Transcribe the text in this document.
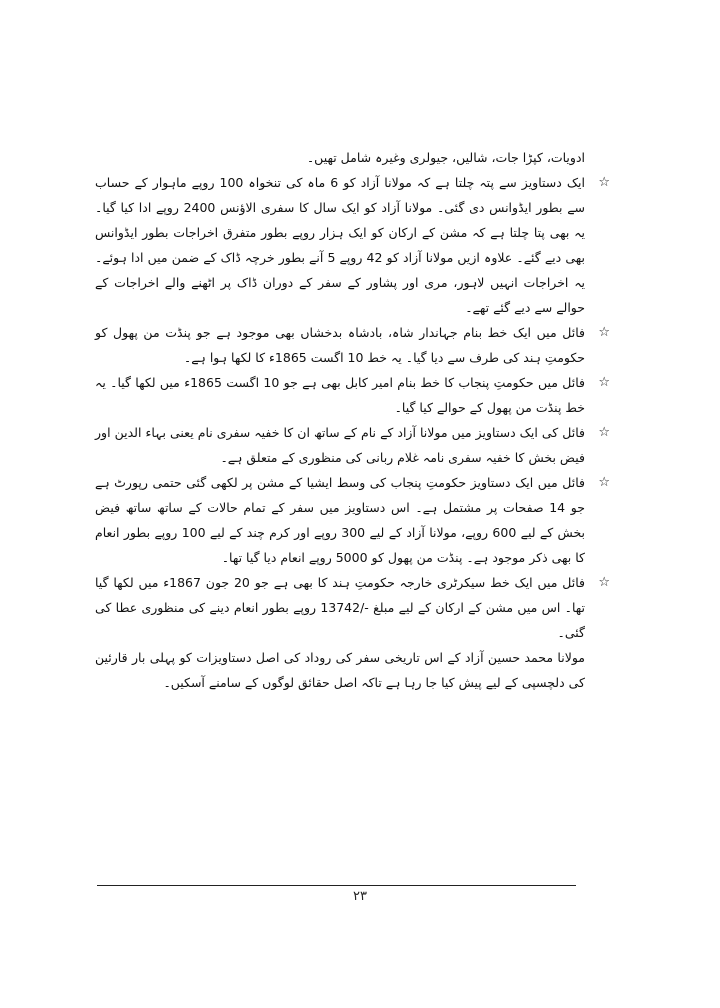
ادویات، کپڑا جات، شالیں، جیولری وغیرہ شامل تھیں۔

☆
ایک دستاویز سے پتہ چلتا ہے کہ مولانا آزاد کو 6 ماہ کی تنخواہ 100 روپے ماہوار کے حساب سے بطور ایڈوانس دی گئی۔ مولانا آزاد کو ایک سال کا سفری الاؤنس 2400 روپے ادا کیا گیا۔ یہ بھی پتا چلتا ہے کہ مشن کے ارکان کو ایک ہزار روپے بطور متفرق اخراجات بطور ایڈوانس بھی دیے گئے۔ علاوہ ازیں مولانا آزاد کو 42 روپے 5 آنے بطور خرچہ ڈاک کے ضمن میں ادا ہوئے۔ یہ اخراجات انہیں لاہور، مری اور پشاور کے سفر کے دوران ڈاک پر اٹھنے والے اخراجات کے حوالے سے دیے گئے تھے۔

☆
فائل میں ایک خط بنام جہاندار شاہ، بادشاہ بدخشاں بھی موجود ہے جو پنڈت من پھول کو حکومتِ ہند کی طرف سے دیا گیا۔ یہ خط 10 اگست 1865ء کا لکھا ہوا ہے۔

☆
فائل میں حکومتِ پنجاب کا خط بنام امیر کابل بھی ہے جو 10 اگست 1865ء میں لکھا گیا۔ یہ خط پنڈت من پھول کے حوالے کیا گیا۔

☆
فائل کی ایک دستاویز میں مولانا آزاد کے نام کے ساتھ ان کا خفیہ سفری نام یعنی بہاء الدین اور فیض بخش کا خفیہ سفری نامہ غلام ربانی کی منظوری کے متعلق ہے۔

☆
فائل میں ایک دستاویز حکومتِ پنجاب کی وسط ایشیا کے مشن پر لکھی گئی حتمی رپورٹ ہے جو 14 صفحات پر مشتمل ہے۔ اس دستاویز میں سفر کے تمام حالات کے ساتھ ساتھ فیض بخش کے لیے 600 روپے، مولانا آزاد کے لیے 300 روپے اور کرم چند کے لیے 100 روپے بطور انعام کا بھی ذکر موجود ہے۔ پنڈت من پھول کو 5000 روپے انعام دیا گیا تھا۔

☆
فائل میں ایک خط سیکرٹری خارجہ حکومتِ ہند کا بھی ہے جو 20 جون 1867ء میں لکھا گیا تھا۔ اس میں مشن کے ارکان کے لیے مبلغ -/13742 روپے بطور انعام دینے کی منظوری عطا کی گئی۔

مولانا محمد حسین آزاد کے اس تاریخی سفر کی روداد کی اصل دستاویزات کو پہلی بار قارئین کی دلچسپی کے لیے پیش کیا جا رہا ہے تاکہ اصل حقائق لوگوں کے سامنے آسکیں۔

۲۳
